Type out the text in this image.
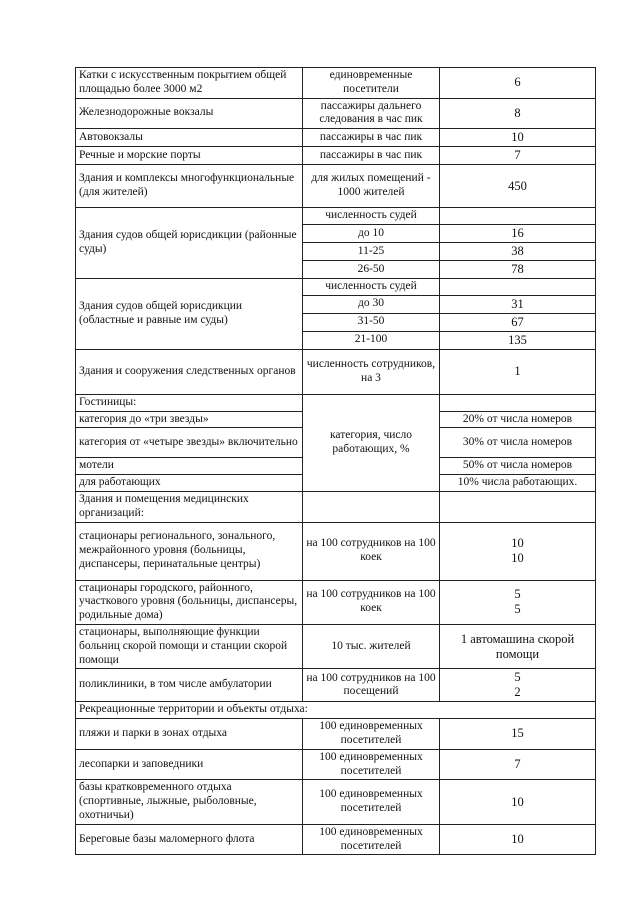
Катки с искусственным покрытием общей площадью более 3000 м2	единовременные посетители	6
Железнодорожные вокзалы	пассажиры дальнего следования в час пик	8
Автовокзалы	пассажиры в час пик	10
Речные и морские порты	пассажиры в час пик	7
Здания и комплексы многофункциональные (для жителей)	для жилых помещений - 1000 жителей	450
Здания судов общей юрисдикции (районные суды)	численность судей	
	до 10	16
	11-25	38
	26-50	78
Здания судов общей юрисдикции (областные и равные им суды)	численность судей	
	до 30	31
	31-50	67
	21-100	135
Здания и сооружения следственных органов	численность сотрудников, на 3	1
Гостиницы:	категория, число работающих, %	
категория до «три звезды»		20% от числа номеров
категория от «четыре звезды» включительно		30% от числа номеров
мотели		50% от числа номеров
для работающих		10% числа работающих.
Здания и помещения медицинских организаций:		
стационары регионального, зонального, межрайонного уровня (больницы, диспансеры, перинатальные центры)	на 100 сотрудников на 100 коек	10
10
стационары городского, районного, участкового уровня (больницы, диспансеры, родильные дома)	на 100 сотрудников на 100 коек	5
5
стационары, выполняющие функции больниц скорой помощи и станции скорой помощи	10 тыс. жителей	1 автомашина скорой помощи
поликлиники, в том числе амбулатории	на 100 сотрудников на 100 посещений	5
2
Рекреационные территории и объекты отдыха:		
пляжи и парки в зонах отдыха	100 единовременных посетителей	15
лесопарки и заповедники	100 единовременных посетителей	7
базы кратковременного отдыха (спортивные, лыжные, рыболовные, охотничьи)	100 единовременных посетителей	10
Береговые базы маломерного флота	100 единовременных посетителей	10
